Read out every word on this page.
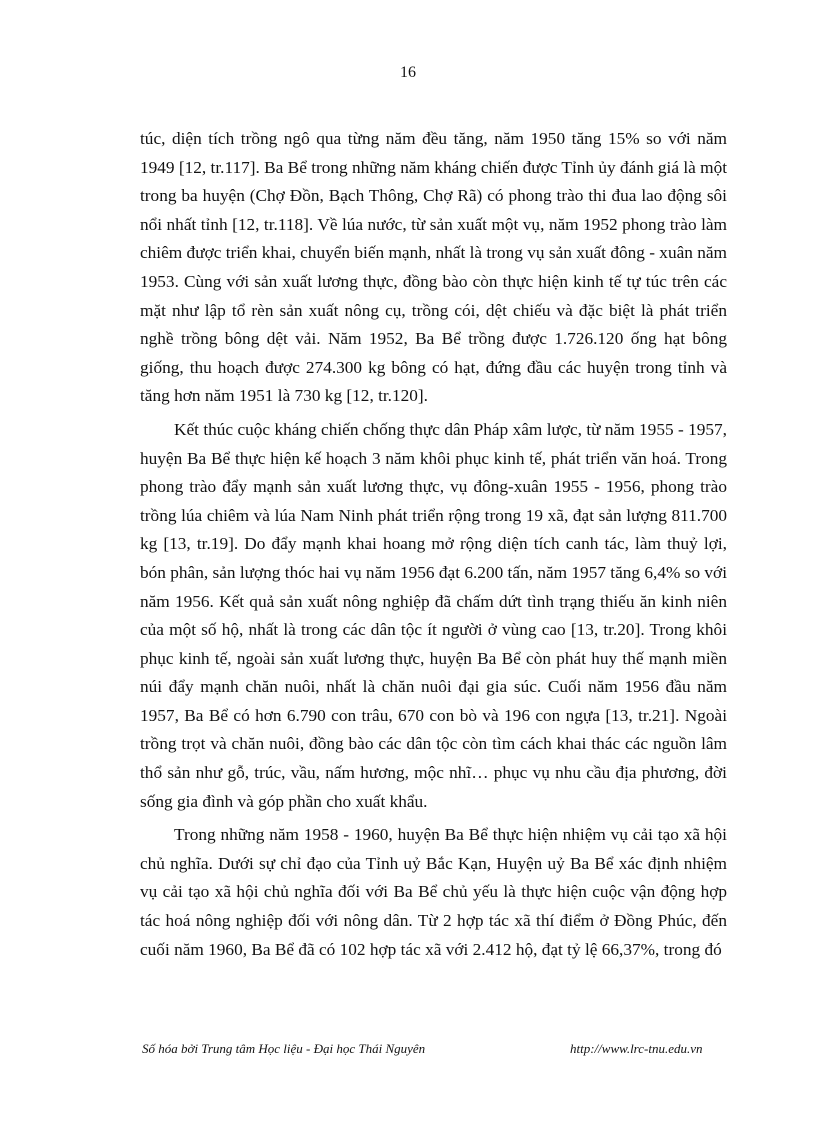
16

túc, diện tích trồng ngô qua từng năm đều tăng, năm 1950 tăng 15% so với năm 1949 [12, tr.117]. Ba Bể trong những năm kháng chiến được Tỉnh ủy đánh giá là một trong ba huyện (Chợ Đồn, Bạch Thông, Chợ Rã) có phong trào thi đua lao động sôi nổi nhất tỉnh [12, tr.118]. Về lúa nước, từ sản xuất một vụ, năm 1952 phong trào làm chiêm được triển khai, chuyển biến mạnh, nhất là trong vụ sản xuất đông - xuân năm 1953. Cùng với sản xuất lương thực, đồng bào còn thực hiện kinh tế tự túc trên các mặt như lập tổ rèn sản xuất nông cụ, trồng cói, dệt chiếu và đặc biệt là phát triển nghề trồng bông dệt vải. Năm 1952, Ba Bể trồng được 1.726.120 ống hạt bông giống, thu hoạch được 274.300 kg bông có hạt, đứng đầu các huyện trong tỉnh và tăng hơn năm 1951 là 730 kg [12, tr.120].

Kết thúc cuộc kháng chiến chống thực dân Pháp xâm lược, từ năm 1955 - 1957, huyện Ba Bể thực hiện kế hoạch 3 năm khôi phục kinh tế, phát triển văn hoá. Trong phong trào đẩy mạnh sản xuất lương thực, vụ đông-xuân 1955 - 1956, phong trào trồng lúa chiêm và lúa Nam Ninh phát triển rộng trong 19 xã, đạt sản lượng 811.700 kg [13, tr.19]. Do đẩy mạnh khai hoang mở rộng diện tích canh tác, làm thuỷ lợi, bón phân, sản lượng thóc hai vụ năm 1956 đạt 6.200 tấn, năm 1957 tăng 6,4% so với năm 1956. Kết quả sản xuất nông nghiệp đã chấm dứt tình trạng thiếu ăn kinh niên của một số hộ, nhất là trong các dân tộc ít người ở vùng cao [13, tr.20]. Trong khôi phục kinh tế, ngoài sản xuất lương thực, huyện Ba Bể còn phát huy thế mạnh miền núi đẩy mạnh chăn nuôi, nhất là chăn nuôi đại gia súc. Cuối năm 1956 đầu năm 1957, Ba Bể có hơn 6.790 con trâu, 670 con bò và 196 con ngựa [13, tr.21]. Ngoài trồng trọt và chăn nuôi, đồng bào các dân tộc còn tìm cách khai thác các nguồn lâm thổ sản như gỗ, trúc, vầu, nấm hương, mộc nhĩ… phục vụ nhu cầu địa phương, đời sống gia đình và góp phần cho xuất khẩu.

Trong những năm 1958 - 1960, huyện Ba Bể thực hiện nhiệm vụ cải tạo xã hội chủ nghĩa. Dưới sự chỉ đạo của Tỉnh uỷ Bắc Kạn, Huyện uỷ Ba Bể xác định nhiệm vụ cải tạo xã hội chủ nghĩa đối với Ba Bể chủ yếu là thực hiện cuộc vận động hợp tác hoá nông nghiệp đối với nông dân. Từ 2 hợp tác xã thí điểm ở Đồng Phúc, đến cuối năm 1960, Ba Bể đã có 102 hợp tác xã với 2.412 hộ, đạt tỷ lệ 66,37%, trong đó

Số hóa bởi Trung tâm Học liệu - Đại học Thái Nguyên	http://www.lrc-tnu.edu.vn
